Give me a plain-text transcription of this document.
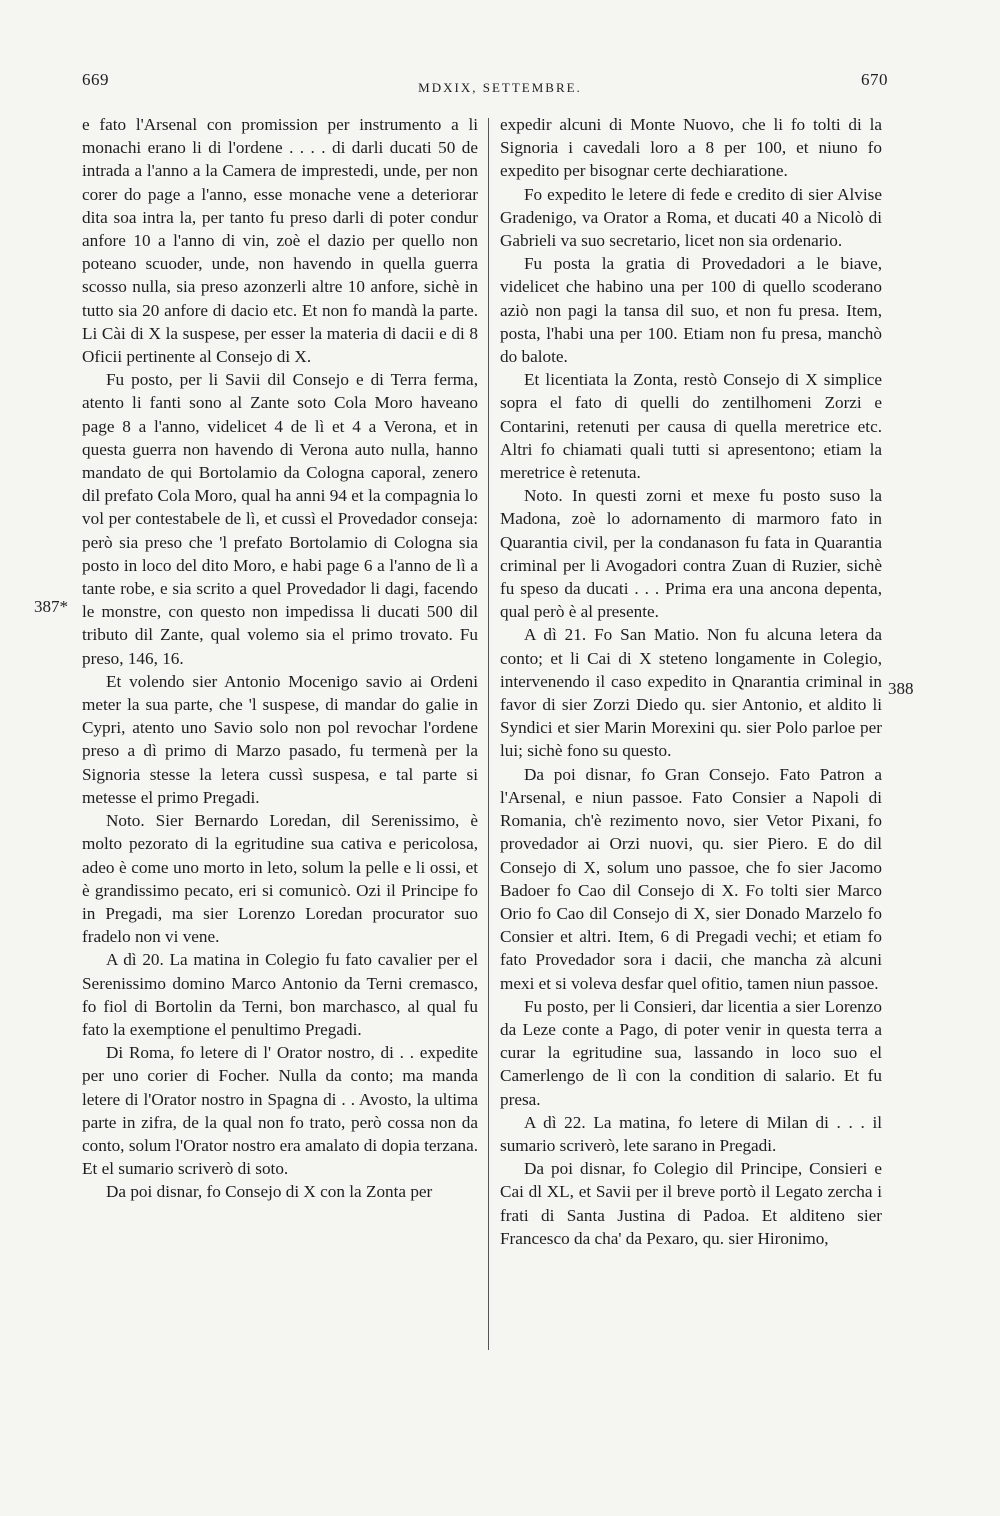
669	MDXIX, SETTEMBRE.	670
387*
388

e fato l'Arsenal con promission per instrumento a li monachi erano li di l'ordene . . . . di darli ducati 50 de intrada a l'anno a la Camera de imprestedi, unde, per non corer do page a l'anno, esse monache vene a deteriorar dita soa intra la, per tanto fu preso darli di poter condur anfore 10 a l'anno di vin, zoè el dazio per quello non poteano scuoder, unde, non havendo in quella guerra scosso nulla, sia preso azonzerli altre 10 anfore, sichè in tutto sia 20 anfore di dacio etc. Et non fo mandà la parte. Li Cài di X la suspese, per esser la materia di dacii e di 8 Oficii pertinente al Consejo di X.

Fu posto, per li Savii dil Consejo e di Terra ferma, atento li fanti sono al Zante soto Cola Moro haveano page 8 a l'anno, videlicet 4 de lì et 4 a Verona, et in questa guerra non havendo di Verona auto nulla, hanno mandato de qui Bortolamio da Cologna caporal, zenero dil prefato Cola Moro, qual ha anni 94 et la compagnia lo vol per contestabele de lì, et cussì el Provedador conseja: però sia preso che 'l prefato Bortolamio di Cologna sia posto in loco del dito Moro, e habi page 6 a l'anno de lì a tante robe, e sia scrito a quel Provedador li dagi, facendo le monstre, con questo non impedissa li ducati 500 dil tributo dil Zante, qual volemo sia el primo trovato. Fu preso, 146, 16.

Et volendo sier Antonio Mocenigo savio ai Ordeni meter la sua parte, che 'l suspese, di mandar do galie in Cypri, atento uno Savio solo non pol revochar l'ordene preso a dì primo di Marzo pasado, fu termenà per la Signoria stesse la letera cussì suspesa, e tal parte si metesse el primo Pregadi.

Noto. Sier Bernardo Loredan, dil Serenissimo, è molto pezorato di la egritudine sua cativa e pericolosa, adeo è come uno morto in leto, solum la pelle e li ossi, et è grandissimo pecato, eri si comunicò. Ozi il Principe fo in Pregadi, ma sier Lorenzo Loredan procurator suo fradelo non vi vene.

A dì 20. La matina in Colegio fu fato cavalier per el Serenissimo domino Marco Antonio da Terni cremasco, fo fiol di Bortolin da Terni, bon marchasco, al qual fu fato la exemptione el penultimo Pregadi.

Di Roma, fo letere di l' Orator nostro, di . . expedite per uno corier di Focher. Nulla da conto; ma manda letere di l'Orator nostro in Spagna di . . Avosto, la ultima parte in zifra, de la qual non fo trato, però cossa non da conto, solum l'Orator nostro era amalato di dopia terzana. Et el sumario scriverò di soto.

Da poi disnar, fo Consejo di X con la Zonta per

expedir alcuni di Monte Nuovo, che li fo tolti di la Signoria i cavedali loro a 8 per 100, et niuno fo expedito per bisognar certe dechiaratione.

Fo expedito le letere di fede e credito di sier Alvise Gradenigo, va Orator a Roma, et ducati 40 a Nicolò di Gabrieli va suo secretario, licet non sia ordenario.

Fu posta la gratia di Provedadori a le biave, videlicet che habino una per 100 di quello scoderano aziò non pagi la tansa dil suo, et non fu presa. Item, posta, l'habi una per 100. Etiam non fu presa, manchò do balote.

Et licentiata la Zonta, restò Consejo di X simplice sopra el fato di quelli do zentilhomeni Zorzi e Contarini, retenuti per causa di quella meretrice etc. Altri fo chiamati quali tutti si apresentono; etiam la meretrice è retenuta.

Noto. In questi zorni et mexe fu posto suso la Madona, zoè lo adornamento di marmoro fato in Quarantia civil, per la condanason fu fata in Quarantia criminal per li Avogadori contra Zuan di Ruzier, sichè fu speso da ducati . . . Prima era una ancona depenta, qual però è al presente.

A dì 21. Fo San Matio. Non fu alcuna letera da conto; et li Cai di X steteno longamente in Colegio, intervenendo il caso expedito in Qnarantia criminal in favor di sier Zorzi Diedo qu. sier Antonio, et aldito li Syndici et sier Marin Morexini qu. sier Polo parloe per lui; sichè fono su questo.

Da poi disnar, fo Gran Consejo. Fato Patron a l'Arsenal, e niun passoe. Fato Consier a Napoli di Romania, ch'è rezimento novo, sier Vetor Pixani, fo provedador ai Orzi nuovi, qu. sier Piero. E do dil Consejo di X, solum uno passoe, che fo sier Jacomo Badoer fo Cao dil Consejo di X. Fo tolti sier Marco Orio fo Cao dil Consejo di X, sier Donado Marzelo fo Consier et altri. Item, 6 di Pregadi vechi; et etiam fo fato Provedador sora i dacii, che mancha zà alcuni mexi et si voleva desfar quel ofitio, tamen niun passoe.

Fu posto, per li Consieri, dar licentia a sier Lorenzo da Leze conte a Pago, di poter venir in questa terra a curar la egritudine sua, lassando in loco suo el Camerlengo de lì con la condition di salario. Et fu presa.

A dì 22. La matina, fo letere di Milan di . . . il sumario scriverò, lete sarano in Pregadi.

Da poi disnar, fo Colegio dil Principe, Consieri e Cai dl XL, et Savii per il breve portò il Legato zercha i frati di Santa Justina di Padoa. Et alditeno sier Francesco da cha' da Pexaro, qu. sier Hironimo,
